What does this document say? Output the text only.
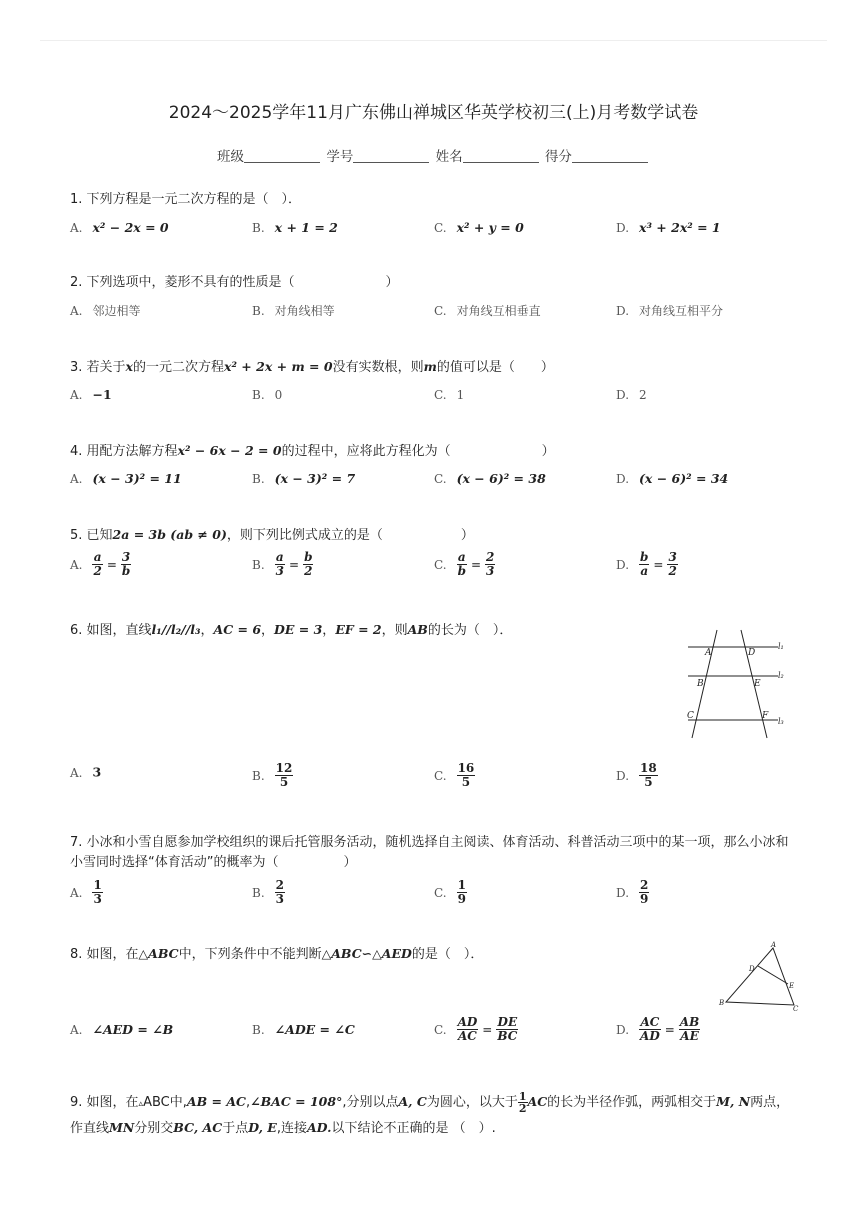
2024～2025学年11月广东佛山禅城区华英学校初三(上)月考数学试卷
班级	学号	姓名	得分
1. 下列方程是一元二次方程的是（　）．
A. x² − 2x = 0	B. x + 1 = 2	C. x² + y = 0	D. x³ + 2x² = 1
2. 下列选项中，菱形不具有的性质是（　　　　　　　）
A. 邻边相等	B. 对角线相等	C. 对角线互相垂直	D. 对角线互相平分
3. 若关于x的一元二次方程x² + 2x + m = 0没有实数根，则m的值可以是（　　）
A. −1	B. 0	C. 1	D. 2
4. 用配方法解方程x² − 6x − 2 = 0的过程中，应将此方程化为（　　　　　　　）
A. (x − 3)² = 11	B. (x − 3)² = 7	C. (x − 6)² = 38	D. (x − 6)² = 34
5. 已知2a = 3b (ab ≠ 0)，则下列比例式成立的是（　　　　　　）
A. $\frac{a}{2} = \frac{3}{b}$	B. $\frac{a}{3} = \frac{b}{2}$	C. $\frac{a}{b} = \frac{2}{3}$	D. $\frac{b}{a} = \frac{3}{2}$
6. 如图，直线l₁//l₂//l₃，AC = 6，DE = 3，EF = 2，则AB的长为（　）．
A. 3	B. $\frac{12}{5}$	C. $\frac{16}{5}$	D. $\frac{18}{5}$
A	D
B	E
C	F
l₁
l₂
l₃
7. 小冰和小雪自愿参加学校组织的课后托管服务活动，随机选择自主阅读、体育活动、科普活动三项中的某一项，那么小冰和小雪同时选择“体育活动”的概率为（　　　　　）
A. $\frac{1}{3}$	B. $\frac{2}{3}$	C. $\frac{1}{9}$	D. $\frac{2}{9}$
8. 如图，在△ABC中，下列条件中不能判断△ABC∽△AED的是（　）．
A. ∠AED = ∠B	B. ∠ADE = ∠C	C. $\frac{AD}{AC} = \frac{DE}{BC}$	D. $\frac{AC}{AD} = \frac{AB}{AE}$
A
D
E
B
C
9. 如图，在▵ABC中,AB = AC,∠BAC = 108°,分别以点A, C为圆心，以大于 $\frac{1}{2}$ AC的长为半径作弧，两弧相交于M, N两点，作直线MN分别交BC, AC于点D, E,连接AD.以下结论不正确的是 （　）.
